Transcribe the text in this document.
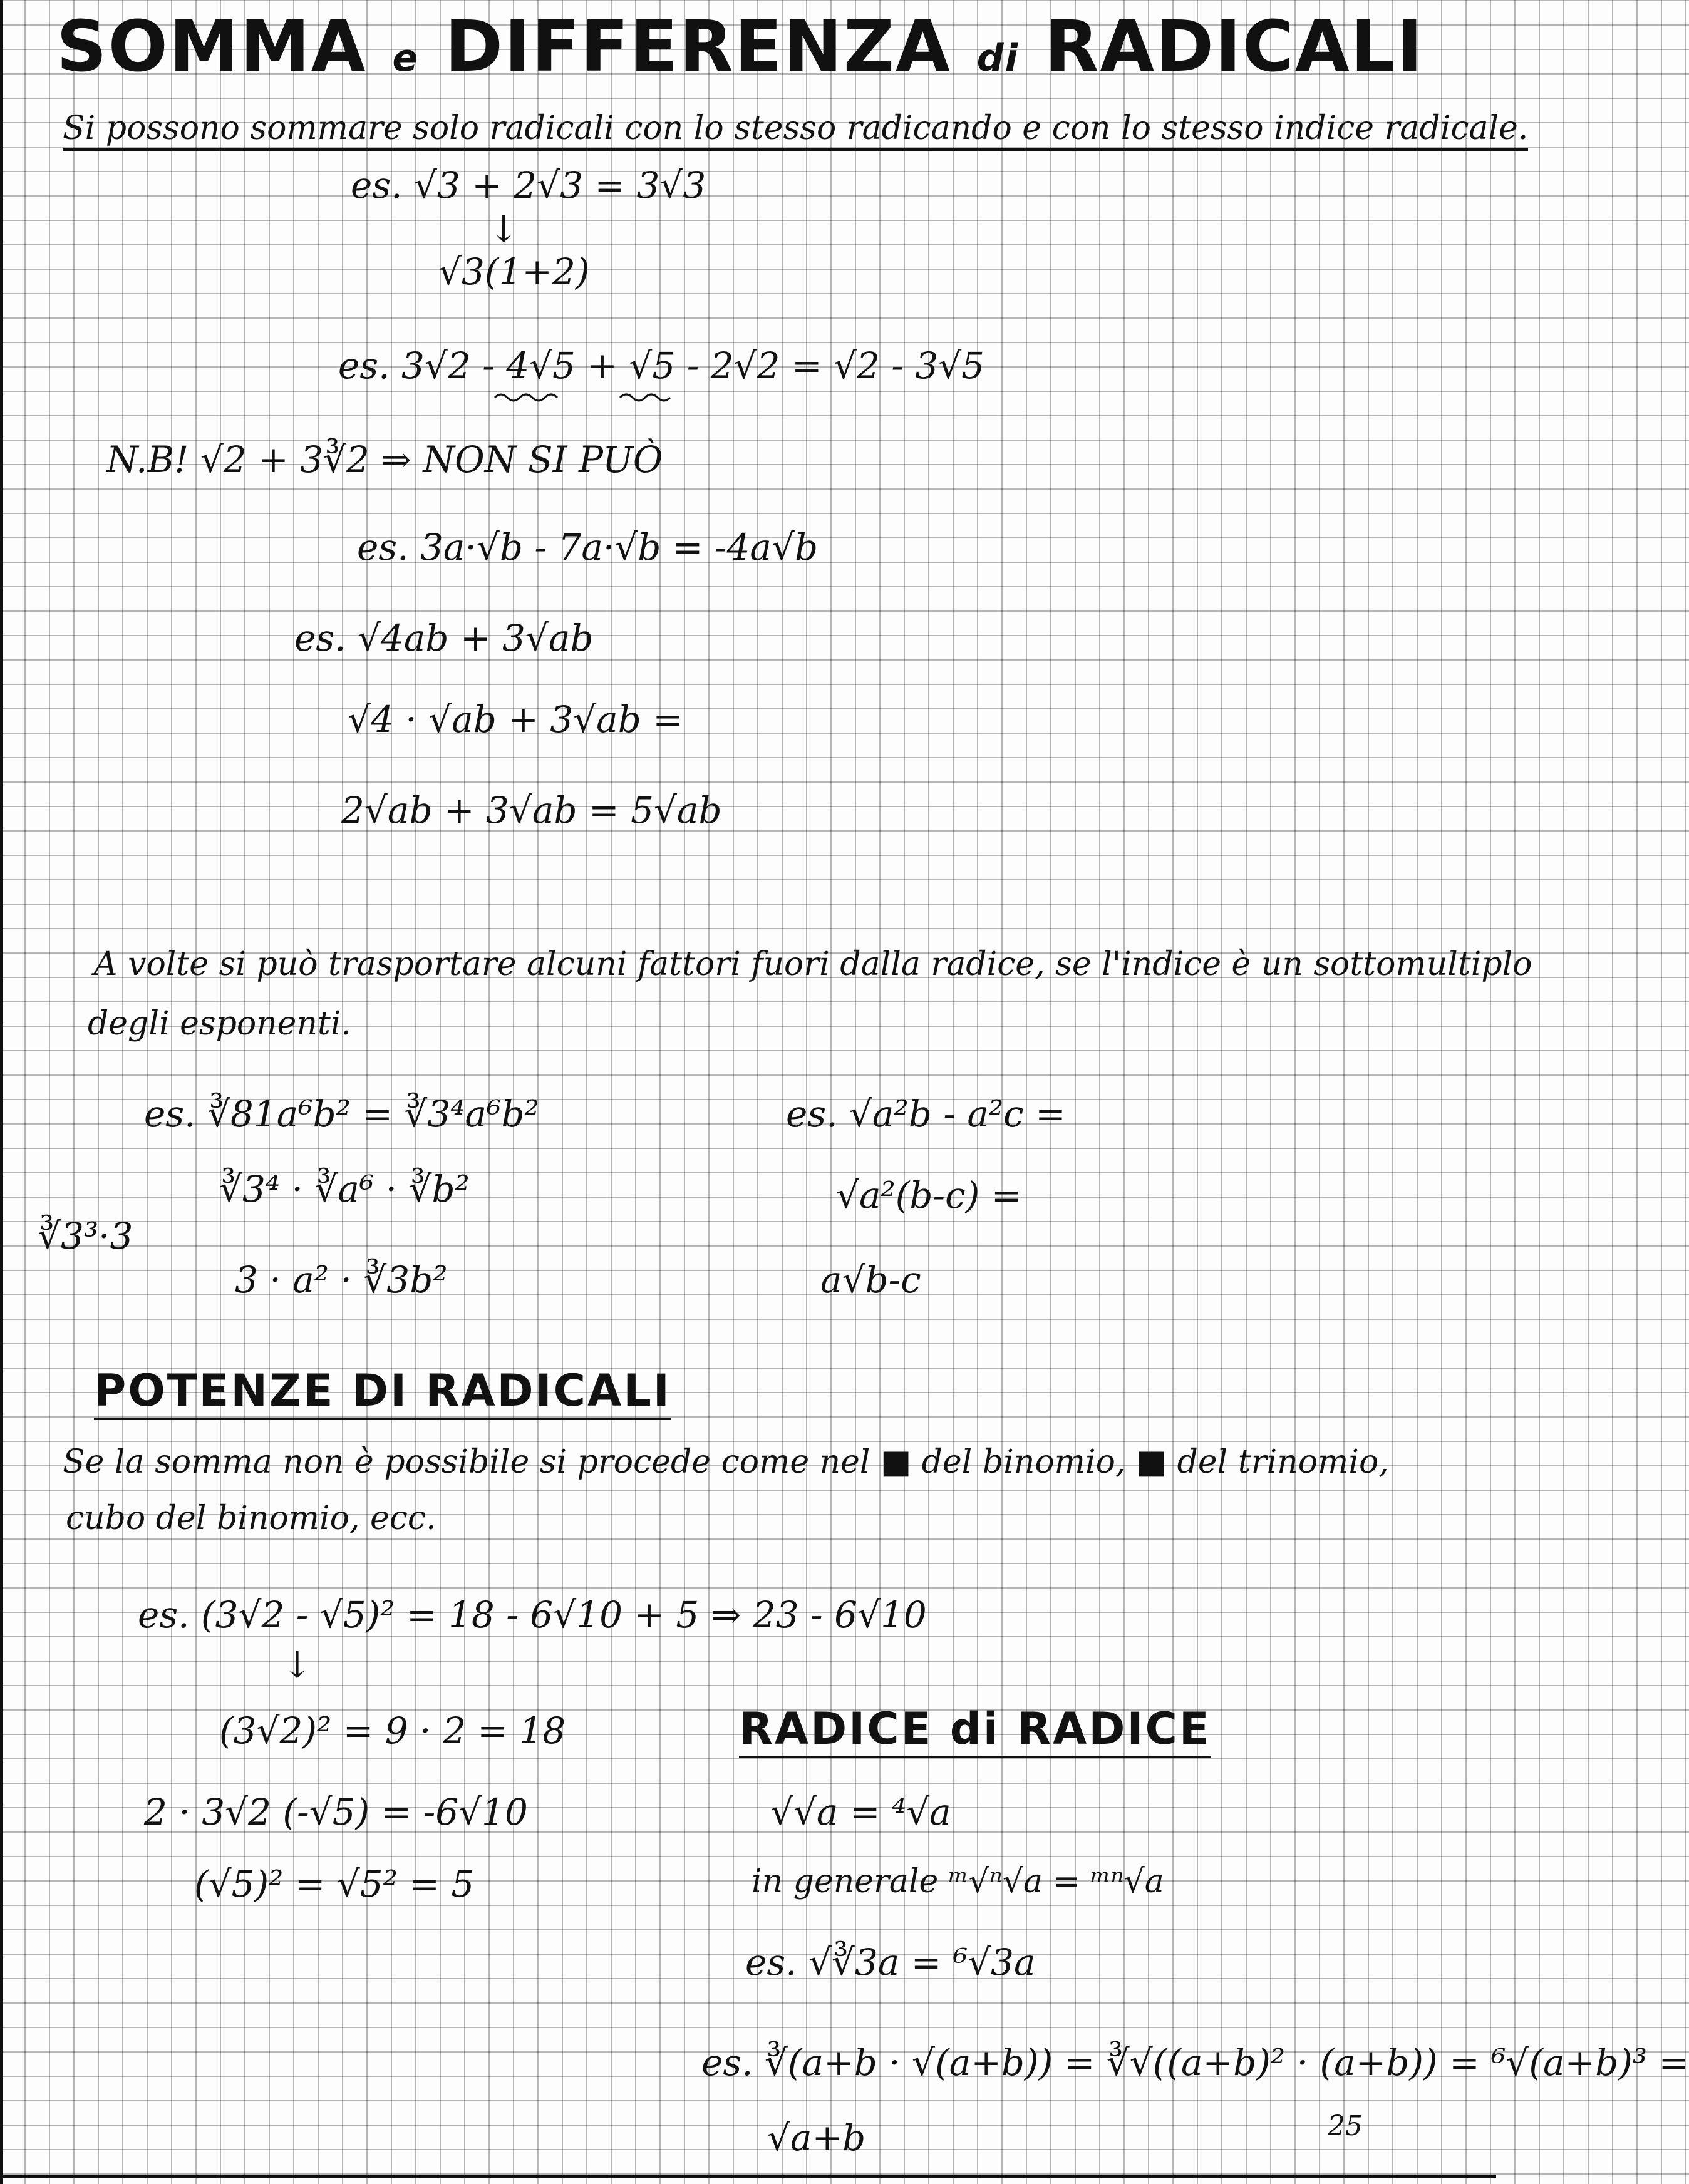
SOMMA e DIFFERENZA di RADICALI
Si possono sommare solo radicali con lo stesso radicando e con lo stesso indice radicale.
es. √3 + 2√3 = 3√3
↓
√3(1+2)
es. 3√2 - 4√5 + √5 - 2√2 = √2 - 3√5
N.B! √2 + 3∛2 ⇒ NON SI PUÒ
es. 3a·√b - 7a·√b = -4a√b
es. √4ab + 3√ab
√4 · √ab + 3√ab =
2√ab + 3√ab = 5√ab
A volte si può trasportare alcuni fattori fuori dalla radice, se l'indice è un sottomultiplo
degli esponenti.
es. ∛81a⁶b² = ∛3⁴a⁶b²
∛3⁴ · ∛a⁶ · ∛b²
∛3³·3
3 · a² · ∛3b²
es. √a²b - a²c =
√a²(b-c) =
a√b-c
POTENZE DI RADICALI
Se la somma non è possibile si procede come nel ■ del binomio, ■ del trinomio,
cubo del binomio, ecc.
es. (3√2 - √5)² = 18 - 6√10 + 5 ⇒ 23 - 6√10
↓
(3√2)² = 9 · 2 = 18
2 · 3√2 (-√5) = -6√10
(√5)² = √5² = 5
RADICE di RADICE
√√a = ⁴√a
in generale ᵐ√ⁿ√a = ᵐⁿ√a
es. √∛3a = ⁶√3a
es. ∛(a+b · √(a+b)) = ∛√((a+b)² · (a+b)) = ⁶√(a+b)³ =
√a+b	25
